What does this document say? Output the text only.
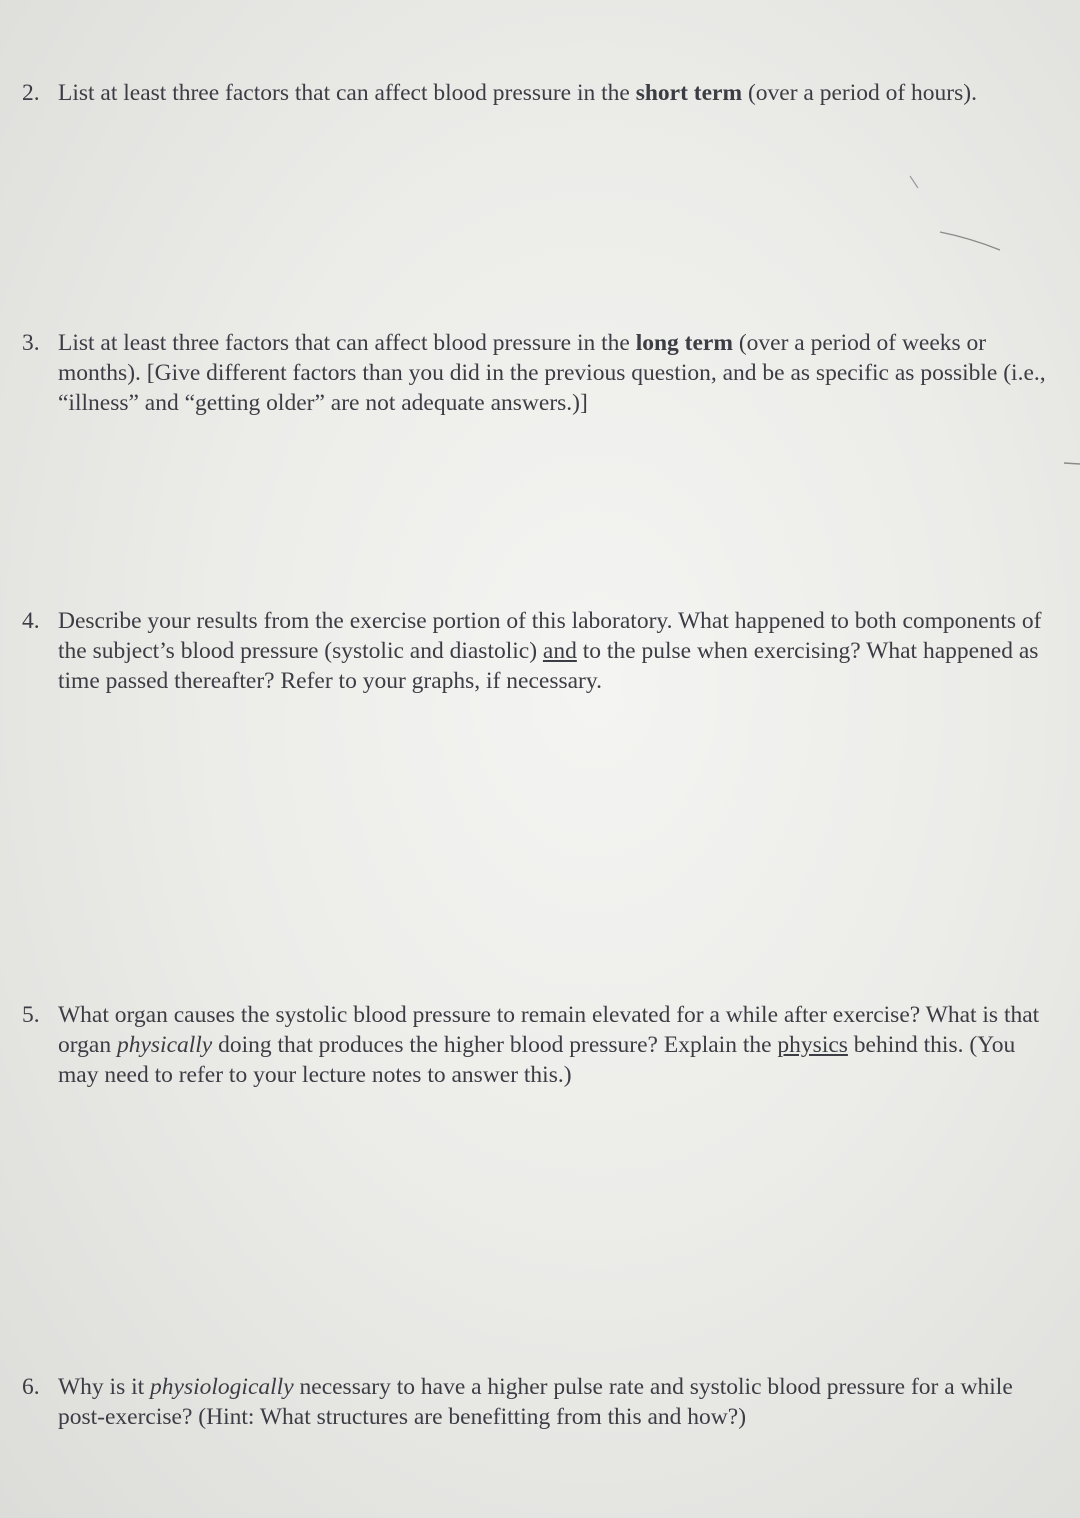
2. List at least three factors that can affect blood pressure in the short term (over a period of hours).
3. List at least three factors that can affect blood pressure in the long term (over a period of weeks or months). [Give different factors than you did in the previous question, and be as specific as possible (i.e., “illness” and “getting older” are not adequate answers.)]
4. Describe your results from the exercise portion of this laboratory. What happened to both components of the subject’s blood pressure (systolic and diastolic) and to the pulse when exercising? What happened as time passed thereafter? Refer to your graphs, if necessary.
5. What organ causes the systolic blood pressure to remain elevated for a while after exercise? What is that organ physically doing that produces the higher blood pressure? Explain the physics behind this. (You may need to refer to your lecture notes to answer this.)
6. Why is it physiologically necessary to have a higher pulse rate and systolic blood pressure for a while post-exercise? (Hint: What structures are benefitting from this and how?)
